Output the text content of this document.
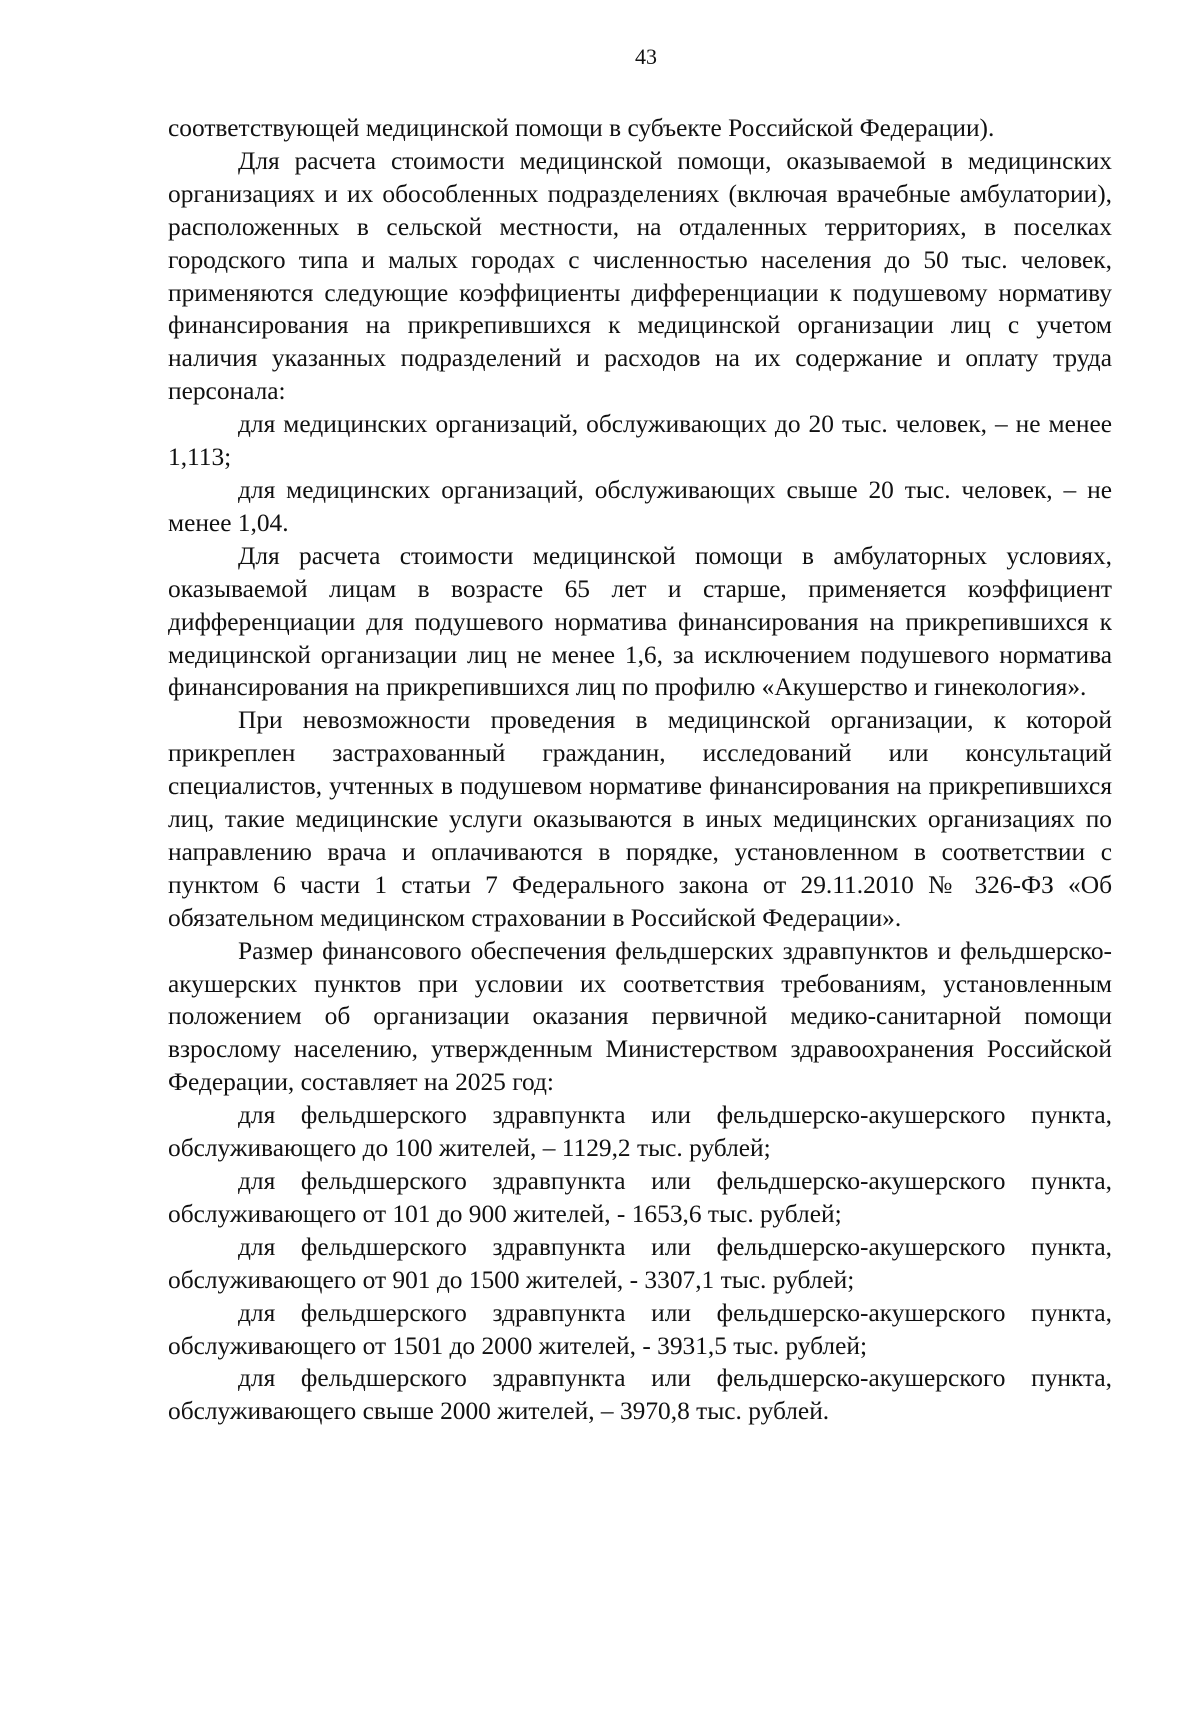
43

соответствующей медицинской помощи в субъекте Российской Федерации).

Для расчета стоимости медицинской помощи, оказываемой в медицинских организациях и их обособленных подразделениях (включая врачебные амбулатории), расположенных в сельской местности, на отдаленных территориях, в поселках городского типа и малых городах с численностью населения до 50 тыс. человек, применяются следующие коэффициенты дифференциации к подушевому нормативу финансирования на прикрепившихся к медицинской организации лиц с учетом наличия указанных подразделений и расходов на их содержание и оплату труда персонала:

для медицинских организаций, обслуживающих до 20 тыс. человек, – не менее 1,113;

для медицинских организаций, обслуживающих свыше 20 тыс. человек, – не менее 1,04.

Для расчета стоимости медицинской помощи в амбулаторных условиях, оказываемой лицам в возрасте 65 лет и старше, применяется коэффициент дифференциации для подушевого норматива финансирования на прикрепившихся к медицинской организации лиц не менее 1,6, за исключением подушевого норматива финансирования на прикрепившихся лиц по профилю «Акушерство и гинекология».

При невозможности проведения в медицинской организации, к которой прикреплен застрахованный гражданин, исследований или консультаций специалистов, учтенных в подушевом нормативе финансирования на прикрепившихся лиц, такие медицинские услуги оказываются в иных медицинских организациях по направлению врача и оплачиваются в порядке, установленном в соответствии с пунктом 6 части 1 статьи 7 Федерального закона от 29.11.2010 № 326-ФЗ «Об обязательном медицинском страховании в Российской Федерации».

Размер финансового обеспечения фельдшерских здравпунктов и фельдшерско-акушерских пунктов при условии их соответствия требованиям, установленным положением об организации оказания первичной медико-санитарной помощи взрослому населению, утвержденным Министерством здравоохранения Российской Федерации, составляет на 2025 год:

для фельдшерского здравпункта или фельдшерско-акушерского пункта, обслуживающего до 100 жителей, – 1129,2 тыс. рублей;

для фельдшерского здравпункта или фельдшерско-акушерского пункта, обслуживающего от 101 до 900 жителей, - 1653,6 тыс. рублей;

для фельдшерского здравпункта или фельдшерско-акушерского пункта, обслуживающего от 901 до 1500 жителей, - 3307,1 тыс. рублей;

для фельдшерского здравпункта или фельдшерско-акушерского пункта, обслуживающего от 1501 до 2000 жителей, - 3931,5 тыс. рублей;

для фельдшерского здравпункта или фельдшерско-акушерского пункта, обслуживающего свыше 2000 жителей, – 3970,8 тыс. рублей.
